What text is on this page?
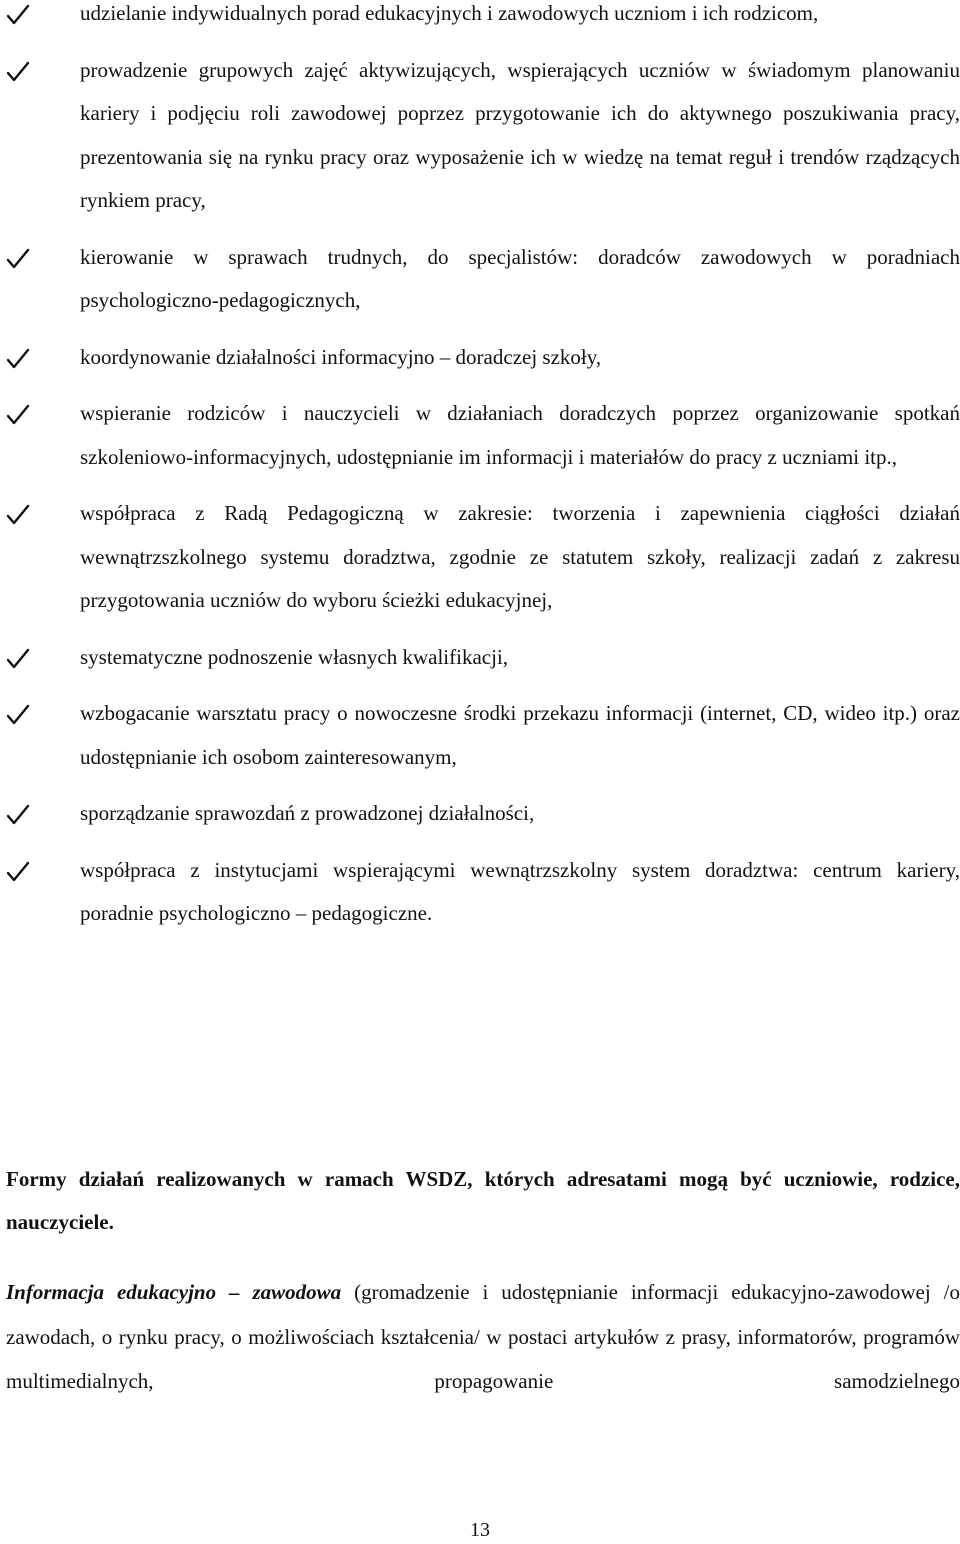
udzielanie indywidualnych porad edukacyjnych i zawodowych uczniom i ich rodzicom,
prowadzenie grupowych zajęć aktywizujących, wspierających uczniów w świadomym planowaniu kariery i podjęciu roli zawodowej poprzez przygotowanie ich do aktywnego poszukiwania pracy, prezentowania się na rynku pracy oraz wyposażenie ich w wiedzę na temat reguł i trendów rządzących rynkiem pracy,
kierowanie w sprawach trudnych, do specjalistów: doradców zawodowych w poradniach psychologiczno-pedagogicznych,
koordynowanie działalności informacyjno – doradczej szkoły,
wspieranie rodziców i nauczycieli w działaniach doradczych poprzez organizowanie spotkań szkoleniowo-informacyjnych, udostępnianie im informacji i materiałów do pracy z uczniami itp.,
współpraca z Radą Pedagogiczną w zakresie: tworzenia i zapewnienia ciągłości działań wewnątrzszkolnego systemu doradztwa, zgodnie ze statutem szkoły, realizacji zadań z zakresu przygotowania uczniów do wyboru ścieżki edukacyjnej,
systematyczne podnoszenie własnych kwalifikacji,
wzbogacanie warsztatu pracy o nowoczesne środki przekazu informacji (internet, CD, wideo itp.) oraz udostępnianie ich osobom zainteresowanym,
sporządzanie sprawozdań z prowadzonej działalności,
współpraca z instytucjami wspierającymi wewnątrzszkolny system doradztwa: centrum kariery, poradnie psychologiczno – pedagogiczne.
Formy działań realizowanych w ramach WSDZ, których adresatami mogą być uczniowie, rodzice, nauczyciele.
Informacja edukacyjno – zawodowa (gromadzenie i udostępnianie informacji edukacyjno-zawodowej /o zawodach, o rynku pracy, o możliwościach kształcenia/ w postaci artykułów z prasy, informatorów, programów multimedialnych, propagowanie samodzielnego
13
